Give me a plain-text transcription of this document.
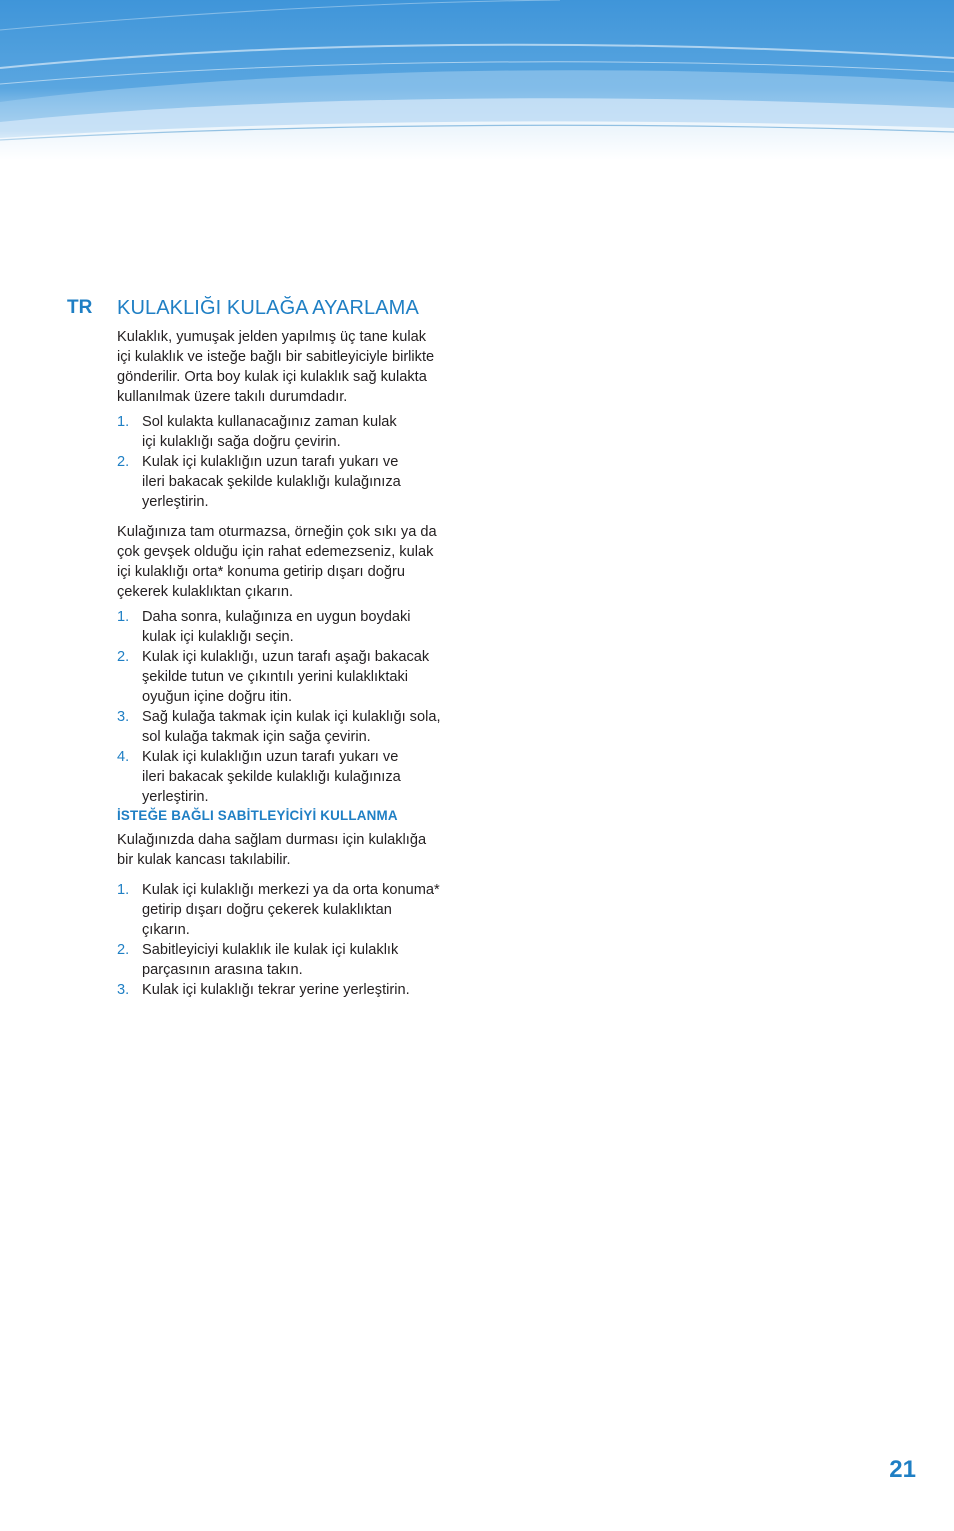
TR KULAKLIĞI KULAĞA AYARLAMA

Kulaklık, yumuşak jelden yapılmış üç tane kulak
içi kulaklık ve isteğe bağlı bir sabitleyiciyle birlikte
gönderilir. Orta boy kulak içi kulaklık sağ kulakta
kullanılmak üzere takılı durumdadır.

1. Sol kulakta kullanacağınız zaman kulak
içi kulaklığı sağa doğru çevirin.
2. Kulak içi kulaklığın uzun tarafı yukarı ve
ileri bakacak şekilde kulaklığı kulağınıza
yerleştirin.

Kulağınıza tam oturmazsa, örneğin çok sıkı ya da
çok gevşek olduğu için rahat edemezseniz, kulak
içi kulaklığı orta* konuma getirip dışarı doğru
çekerek kulaklıktan çıkarın.

1. Daha sonra, kulağınıza en uygun boydaki
kulak içi kulaklığı seçin.
2. Kulak içi kulaklığı, uzun tarafı aşağı bakacak
şekilde tutun ve çıkıntılı yerini kulaklıktaki
oyuğun içine doğru itin.
3. Sağ kulağa takmak için kulak içi kulaklığı sola,
sol kulağa takmak için sağa çevirin.
4. Kulak içi kulaklığın uzun tarafı yukarı ve
ileri bakacak şekilde kulaklığı kulağınıza
yerleştirin.
İSTEĞE BAĞLI SABİTLEYİCİYİ KULLANMA

Kulağınızda daha sağlam durması için kulaklığa
bir kulak kancası takılabilir.

1. Kulak içi kulaklığı merkezi ya da orta konuma*
getirip dışarı doğru çekerek kulaklıktan
çıkarın.
2. Sabitleyiciyi kulaklık ile kulak içi kulaklık
parçasının arasına takın.
3. Kulak içi kulaklığı tekrar yerine yerleştirin.
21
